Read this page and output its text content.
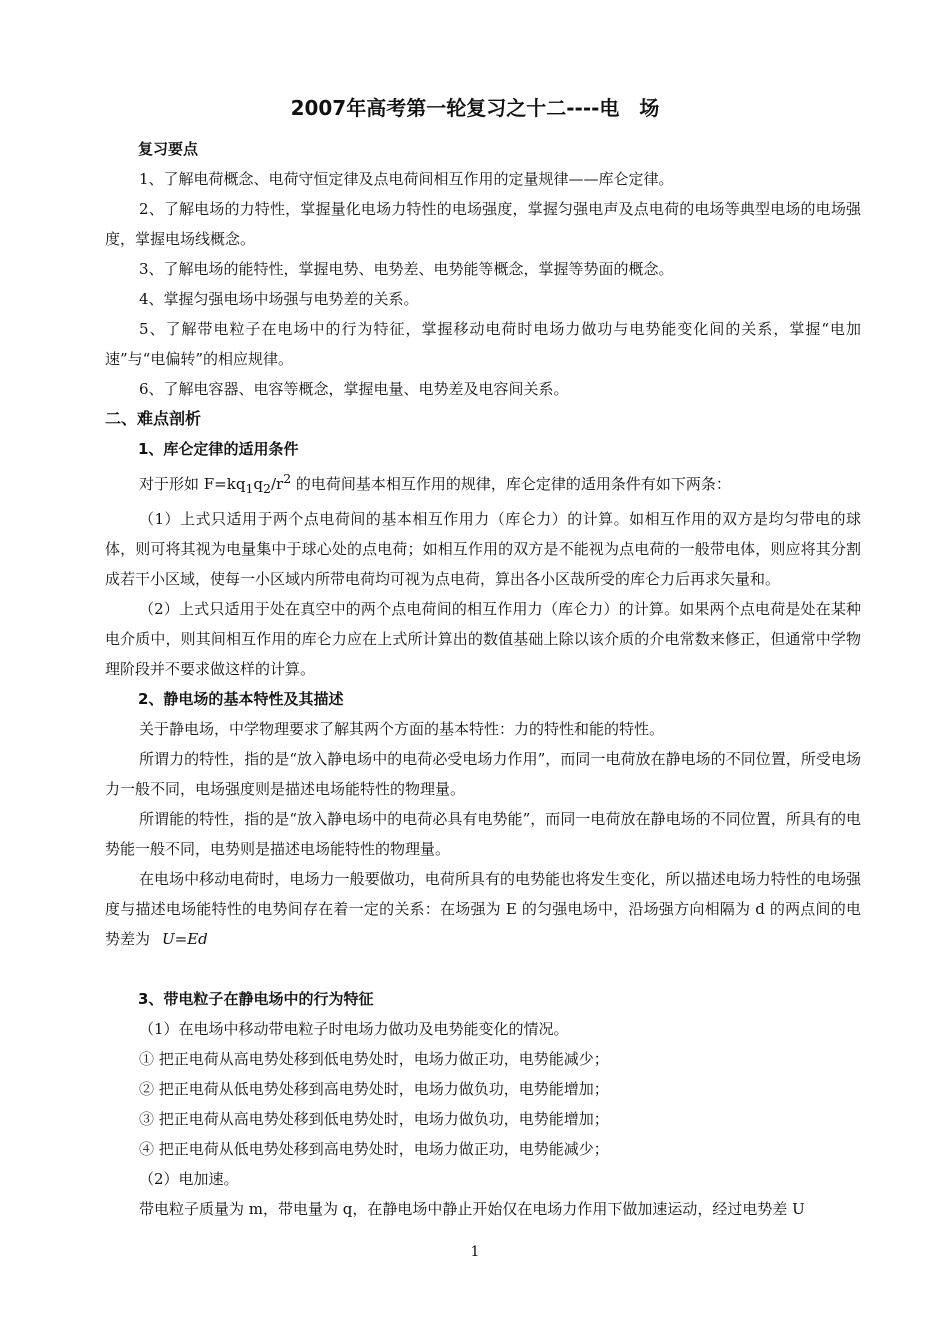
2007年高考第一轮复习之十二----电　场

复习要点

1、了解电荷概念、电荷守恒定律及点电荷间相互作用的定量规律——库仑定律。

2、了解电场的力特性，掌握量化电场力特性的电场强度，掌握匀强电声及点电荷的电场等典型电场的电场强度，掌握电场线概念。

3、了解电场的能特性，掌握电势、电势差、电势能等概念，掌握等势面的概念。

4、掌握匀强电场中场强与电势差的关系。

5、了解带电粒子在电场中的行为特征，掌握移动电荷时电场力做功与电势能变化间的关系，掌握“电加速”与“电偏转”的相应规律。

6、了解电容器、电容等概念，掌握电量、电势差及电容间关系。

二、难点剖析

1、库仑定律的适用条件

对于形如 $F=kq_1q_2/r^2$ 的电荷间基本相互作用的规律，库仑定律的适用条件有如下两条：

（1）上式只适用于两个点电荷间的基本相互作用力（库仑力）的计算。如相互作用的双方是均匀带电的球体，则可将其视为电量集中于球心处的点电荷；如相互作用的双方是不能视为点电荷的一般带电体，则应将其分割成若干小区域，使每一小区域内所带电荷均可视为点电荷，算出各小区哉所受的库仑力后再求矢量和。

（2）上式只适用于处在真空中的两个点电荷间的相互作用力（库仑力）的计算。如果两个点电荷是处在某种电介质中，则其间相互作用的库仑力应在上式所计算出的数值基础上除以该介质的介电常数来修正，但通常中学物理阶段并不要求做这样的计算。

2、静电场的基本特性及其描述

关于静电场，中学物理要求了解其两个方面的基本特性：力的特性和能的特性。

所谓力的特性，指的是“放入静电场中的电荷必受电场力作用”，而同一电荷放在静电场的不同位置，所受电场力一般不同，电场强度则是描述电场能特性的物理量。

所谓能的特性，指的是“放入静电场中的电荷必具有电势能”，而同一电荷放在静电场的不同位置，所具有的电势能一般不同，电势则是描述电场能特性的物理量。

在电场中移动电荷时，电场力一般要做功，电荷所具有的电势能也将发生变化，所以描述电场力特性的电场强度与描述电场能特性的电势间存在着一定的关系：在场强为 E 的匀强电场中，沿场强方向相隔为 d 的两点间的电势差为 U=Ed

3、带电粒子在静电场中的行为特征

（1）在电场中移动带电粒子时电场力做功及电势能变化的情况。

① 把正电荷从高电势处移到低电势处时，电场力做正功，电势能减少；

② 把正电荷从低电势处移到高电势处时，电场力做负功，电势能增加；

③ 把正电荷从高电势处移到低电势处时，电场力做负功，电势能增加；

④ 把正电荷从低电势处移到高电势处时，电场力做正功，电势能减少；

（2）电加速。

带电粒子质量为 m，带电量为 q，在静电场中静止开始仅在电场力作用下做加速运动，经过电势差 U

1
